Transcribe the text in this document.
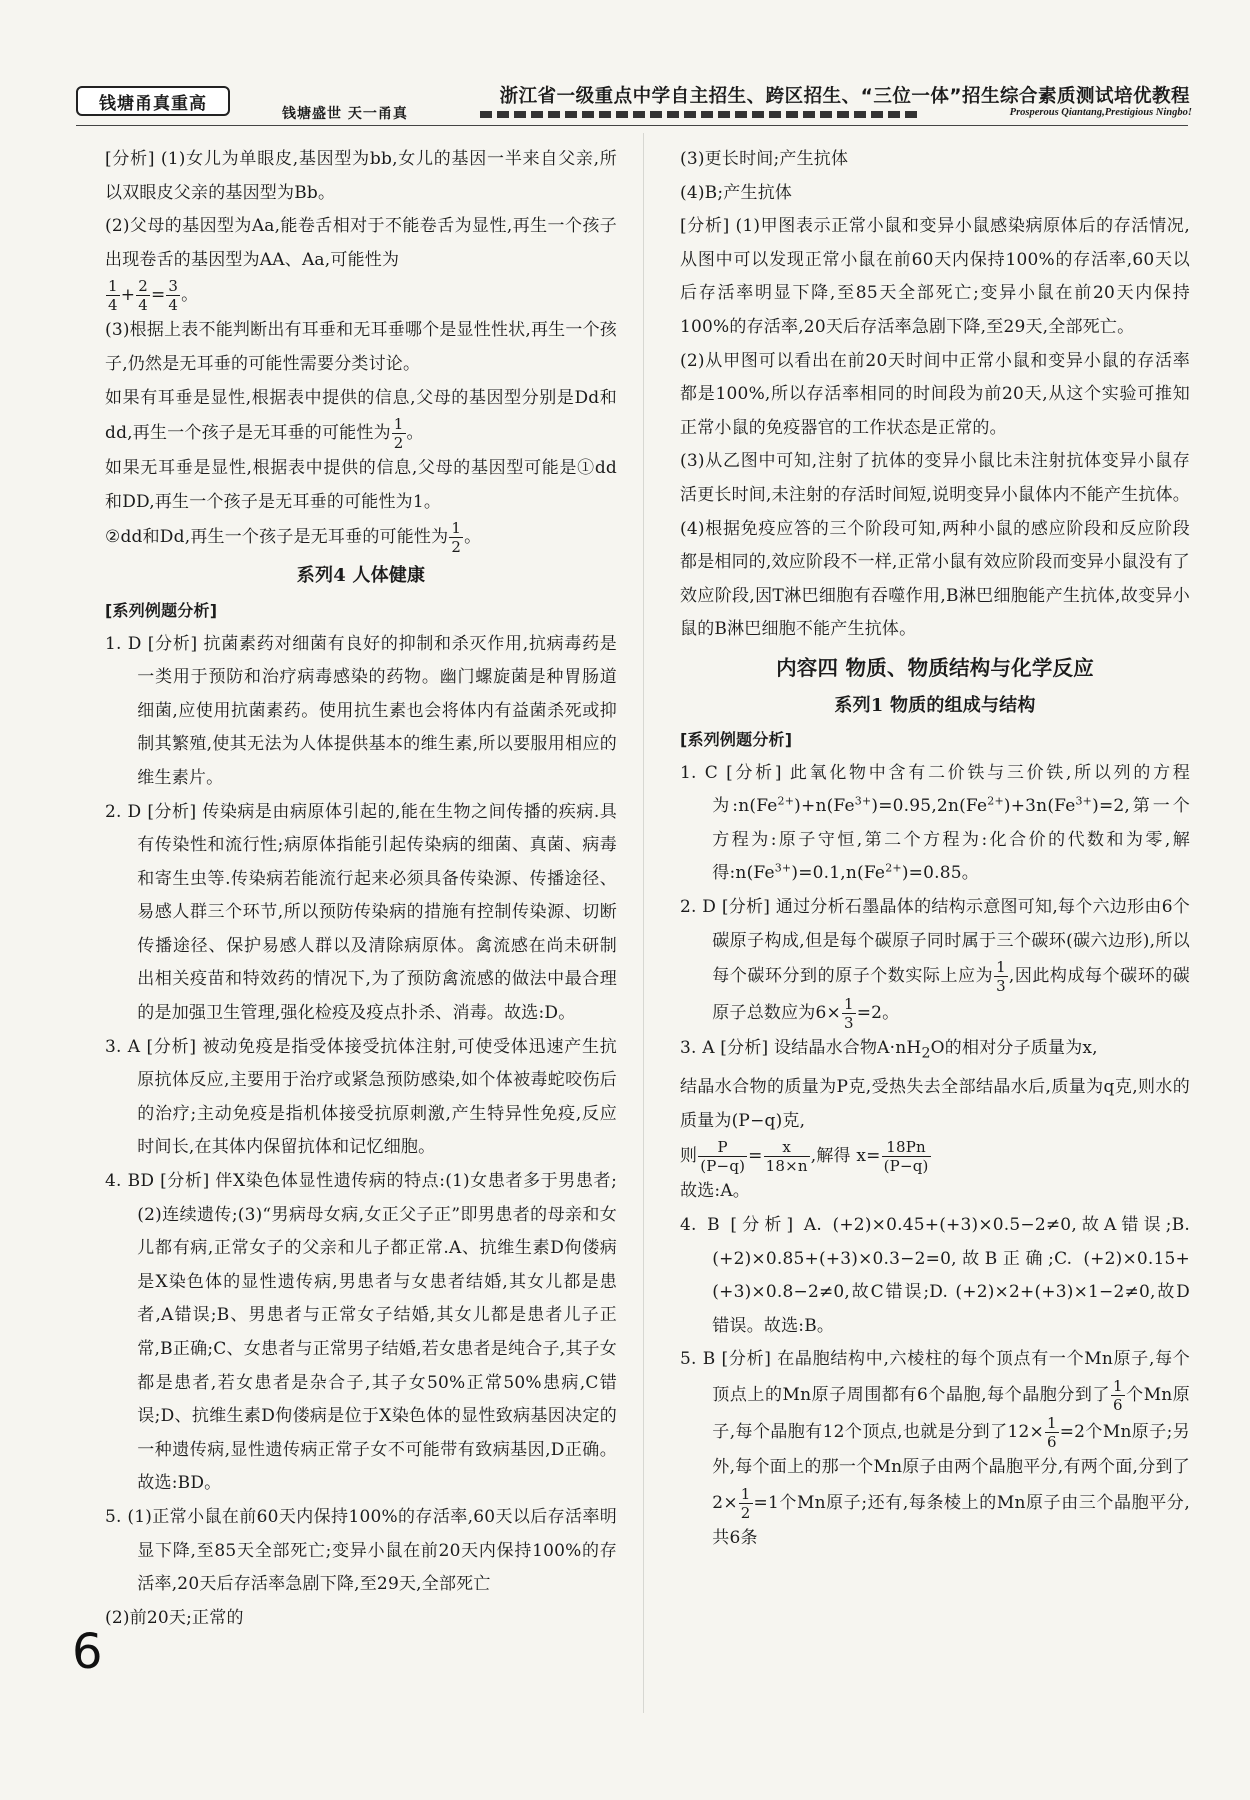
钱塘甬真重高
钱塘盛世 天一甬真
浙江省一级重点中学自主招生、跨区招生、“三位一体”招生综合素质测试培优教程
Prosperous Qiantang,Prestigious Ningbo!

[分析] (1)女儿为单眼皮,基因型为bb,女儿的基因一半来自父亲,所以双眼皮父亲的基因型为Bb。

(2)父母的基因型为Aa,能卷舌相对于不能卷舌为显性,再生一个孩子出现卷舌的基因型为AA、Aa,可能性为

$\frac{1}{4} + \frac{2}{4} = \frac{3}{4}$ 。

(3)根据上表不能判断出有耳垂和无耳垂哪个是显性性状,再生一个孩子,仍然是无耳垂的可能性需要分类讨论。

如果有耳垂是显性,根据表中提供的信息,父母的基因型分别是Dd和dd,再生一个孩子是无耳垂的可能性为 $\frac{1}{2}$ 。

如果无耳垂是显性,根据表中提供的信息,父母的基因型可能是①dd和DD,再生一个孩子是无耳垂的可能性为1。

②dd和Dd,再生一个孩子是无耳垂的可能性为 $\frac{1}{2}$ 。

系列4 人体健康

[系列例题分析]

1. D [分析] 抗菌素药对细菌有良好的抑制和杀灭作用,抗病毒药是一类用于预防和治疗病毒感染的药物。幽门螺旋菌是种胃肠道细菌,应使用抗菌素药。使用抗生素也会将体内有益菌杀死或抑制其繁殖,使其无法为人体提供基本的维生素,所以要服用相应的维生素片。

2. D [分析] 传染病是由病原体引起的,能在生物之间传播的疾病.具有传染性和流行性;病原体指能引起传染病的细菌、真菌、病毒和寄生虫等.传染病若能流行起来必须具备传染源、传播途径、易感人群三个环节,所以预防传染病的措施有控制传染源、切断传播途径、保护易感人群以及清除病原体。禽流感在尚未研制出相关疫苗和特效药的情况下,为了预防禽流感的做法中最合理的是加强卫生管理,强化检疫及疫点扑杀、消毒。故选:D。

3. A [分析] 被动免疫是指受体接受抗体注射,可使受体迅速产生抗原抗体反应,主要用于治疗或紧急预防感染,如个体被毒蛇咬伤后的治疗;主动免疫是指机体接受抗原刺激,产生特异性免疫,反应时间长,在其体内保留抗体和记忆细胞。

4. BD [分析] 伴X染色体显性遗传病的特点:(1)女患者多于男患者;(2)连续遗传;(3)“男病母女病,女正父子正”即男患者的母亲和女儿都有病,正常女子的父亲和儿子都正常.A、抗维生素D佝偻病是X染色体的显性遗传病,男患者与女患者结婚,其女儿都是患者,A错误;B、男患者与正常女子结婚,其女儿都是患者儿子正常,B正确;C、女患者与正常男子结婚,若女患者是纯合子,其子女都是患者,若女患者是杂合子,其子女50%正常50%患病,C错误;D、抗维生素D佝偻病是位于X染色体的显性致病基因决定的一种遗传病,显性遗传病正常子女不可能带有致病基因,D正确。故选:BD。

5. (1)正常小鼠在前60天内保持100%的存活率,60天以后存活率明显下降,至85天全部死亡;变异小鼠在前20天内保持100%的存活率,20天后存活率急剧下降,至29天,全部死亡

(2)前20天;正常的

(3)更长时间;产生抗体

(4)B;产生抗体

[分析] (1)甲图表示正常小鼠和变异小鼠感染病原体后的存活情况,从图中可以发现正常小鼠在前60天内保持100%的存活率,60天以后存活率明显下降,至85天全部死亡;变异小鼠在前20天内保持100%的存活率,20天后存活率急剧下降,至29天,全部死亡。

(2)从甲图可以看出在前20天时间中正常小鼠和变异小鼠的存活率都是100%,所以存活率相同的时间段为前20天,从这个实验可推知正常小鼠的免疫器官的工作状态是正常的。

(3)从乙图中可知,注射了抗体的变异小鼠比未注射抗体变异小鼠存活更长时间,未注射的存活时间短,说明变异小鼠体内不能产生抗体。

(4)根据免疫应答的三个阶段可知,两种小鼠的感应阶段和反应阶段都是相同的,效应阶段不一样,正常小鼠有效应阶段而变异小鼠没有了效应阶段,因T淋巴细胞有吞噬作用,B淋巴细胞能产生抗体,故变异小鼠的B淋巴细胞不能产生抗体。

内容四 物质、物质结构与化学反应
系列1 物质的组成与结构

[系列例题分析]

1. C [分析] 此氧化物中含有二价铁与三价铁,所以列的方程为$:n(Fe^{2+})+n(Fe^{3+})=0.95,2n(Fe^{2+})+3n(Fe^{3+})=2$,第一个方程为:原子守恒,第二个方程为:化合价的代数和为零,解得$:n(Fe^{3+})=0.1,n(Fe^{2+})=0.85$。

2. D [分析] 通过分析石墨晶体的结构示意图可知,每个六边形由6个碳原子构成,但是每个碳原子同时属于三个碳环(碳六边形),所以每个碳环分到的原子个数实际上应为 $\frac{1}{3}$ ,因此构成每个碳环的碳原子总数应为$6\times \frac{1}{3} =2$。

3. A [分析] 设结晶水合物$A\cdot nH_2O$的相对分子质量为x,

结晶水合物的质量为P克,受热失去全部结晶水后,质量为q克,则水的质量为(P−q)克,

则 $\frac{P}{(P-q)} = \frac{x}{18\times n}$ ,解得 $x= \frac{18Pn}{(P-q)}$

故选:A。

4. B [分析] A. (+2)×0.45+(+3)×0.5−2≠0,故A错误;B. (+2)×0.85+(+3)×0.3−2=0,故B正确;C. (+2)×0.15+(+3)×0.8−2≠0,故C错误;D. (+2)×2+(+3)×1−2≠0,故D错误。故选:B。

5. B [分析] 在晶胞结构中,六棱柱的每个顶点有一个Mn原子,每个顶点上的Mn原子周围都有6个晶胞,每个晶胞分到了 $\frac{1}{6}$ 个Mn原子,每个晶胞有12个顶点,也就是分到了$12\times \frac{1}{6} =2$个Mn原子;另外,每个面上的那一个Mn原子由两个晶胞平分,有两个面,分到了$2\times \frac{1}{2} =1$个Mn原子;还有,每条棱上的Mn原子由三个晶胞平分,共6条

6
